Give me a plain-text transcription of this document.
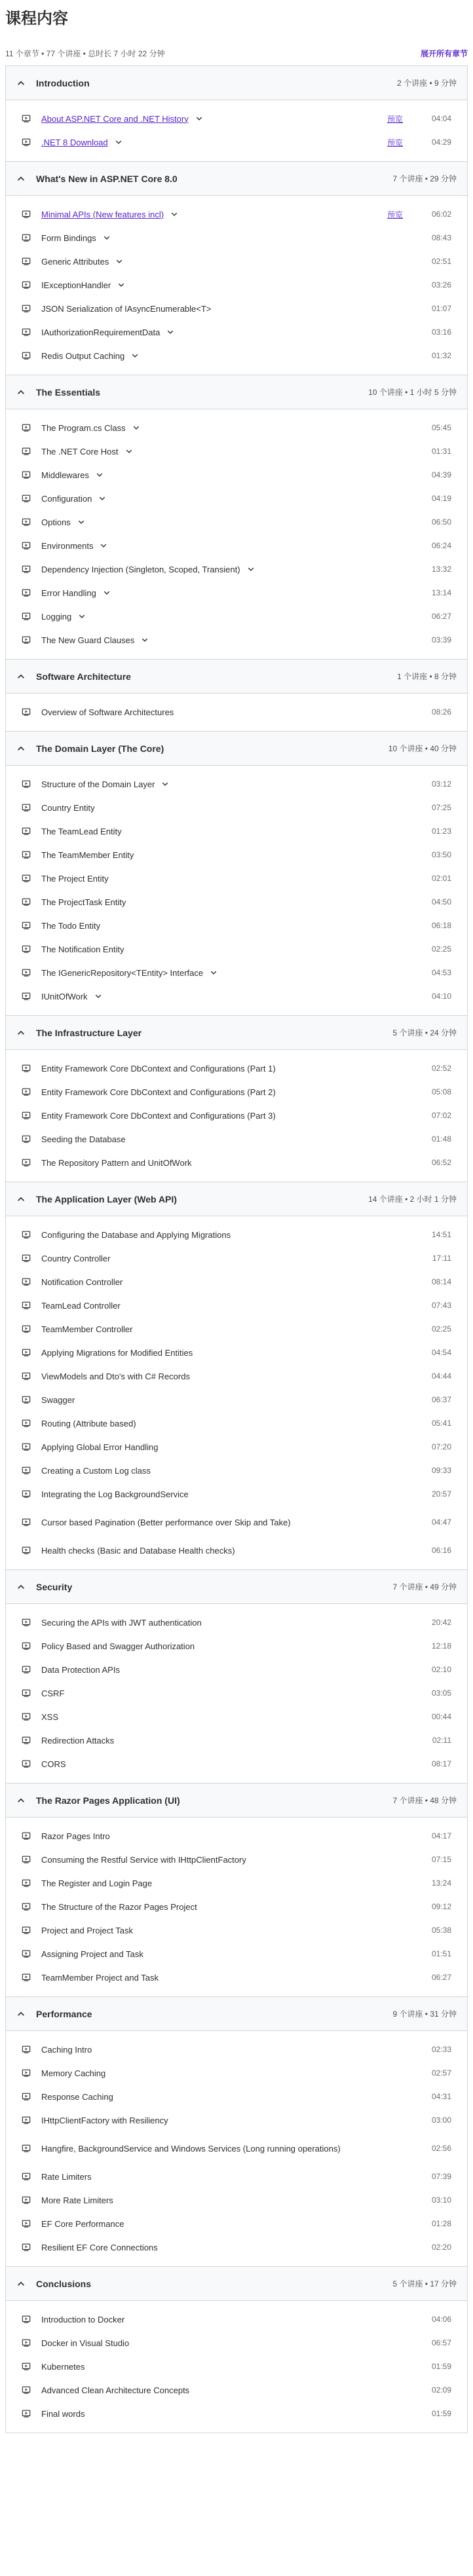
课程内容
11 个章节 • 77 个讲座 • 总时长 7 小时 22 分钟	展开所有章节
Introduction	2 个讲座 • 9 分钟
About ASP.NET Core and .NET History	预览	04:04
.NET 8 Download	预览	04:29
What's New in ASP.NET Core 8.0	7 个讲座 • 29 分钟
Minimal APIs (New features incl)	预览	06:02
Form Bindings	08:43
Generic Attributes	02:51
IExceptionHandler	03:26
JSON Serialization of IAsyncEnumerable<T>	01:07
IAuthorizationRequirementData	03:16
Redis Output Caching	01:32
The Essentials	10 个讲座 • 1 小时 5 分钟
The Program.cs Class	05:45
The .NET Core Host	01:31
Middlewares	04:39
Configuration	04:19
Options	06:50
Environments	06:24
Dependency Injection (Singleton, Scoped, Transient)	13:32
Error Handling	13:14
Logging	06:27
The New Guard Clauses	03:39
Software Architecture	1 个讲座 • 8 分钟
Overview of Software Architectures	08:26
The Domain Layer (The Core)	10 个讲座 • 40 分钟
Structure of the Domain Layer	03:12
Country Entity	07:25
The TeamLead Entity	01:23
The TeamMember Entity	03:50
The Project Entity	02:01
The ProjectTask Entity	04:50
The Todo Entity	06:18
The Notification Entity	02:25
The IGenericRepository<TEntity> Interface	04:53
IUnitOfWork	04:10
The Infrastructure Layer	5 个讲座 • 24 分钟
Entity Framework Core DbContext and Configurations (Part 1)	02:52
Entity Framework Core DbContext and Configurations (Part 2)	05:08
Entity Framework Core DbContext and Configurations (Part 3)	07:02
Seeding the Database	01:48
The Repository Pattern and UnitOfWork	06:52
The Application Layer (Web API)	14 个讲座 • 2 小时 1 分钟
Configuring the Database and Applying Migrations	14:51
Country Controller	17:11
Notification Controller	08:14
TeamLead Controller	07:43
TeamMember Controller	02:25
Applying Migrations for Modified Entities	04:54
ViewModels and Dto's with C# Records	04:44
Swagger	06:37
Routing (Attribute based)	05:41
Applying Global Error Handling	07:20
Creating a Custom Log class	09:33
Integrating the Log BackgroundService	20:57
Cursor based Pagination (Better performance over Skip and Take)	04:47
Health checks (Basic and Database Health checks)	06:16
Security	7 个讲座 • 49 分钟
Securing the APIs with JWT authentication	20:42
Policy Based and Swagger Authorization	12:18
Data Protection APIs	02:10
CSRF	03:05
XSS	00:44
Redirection Attacks	02:11
CORS	08:17
The Razor Pages Application (UI)	7 个讲座 • 48 分钟
Razor Pages Intro	04:17
Consuming the Restful Service with IHttpClientFactory	07:15
The Register and Login Page	13:24
The Structure of the Razor Pages Project	09:12
Project and Project Task	05:38
Assigning Project and Task	01:51
TeamMember Project and Task	06:27
Performance	9 个讲座 • 31 分钟
Caching Intro	02:33
Memory Caching	02:57
Response Caching	04:31
IHttpClientFactory with Resiliency	03:00
Hangfire, BackgroundService and Windows Services (Long running operations)	02:56
Rate Limiters	07:39
More Rate Limiters	03:10
EF Core Performance	01:28
Resilient EF Core Connections	02:20
Conclusions	5 个讲座 • 17 分钟
Introduction to Docker	04:06
Docker in Visual Studio	06:57
Kubernetes	01:59
Advanced Clean Architecture Concepts	02:09
Final words	01:59
